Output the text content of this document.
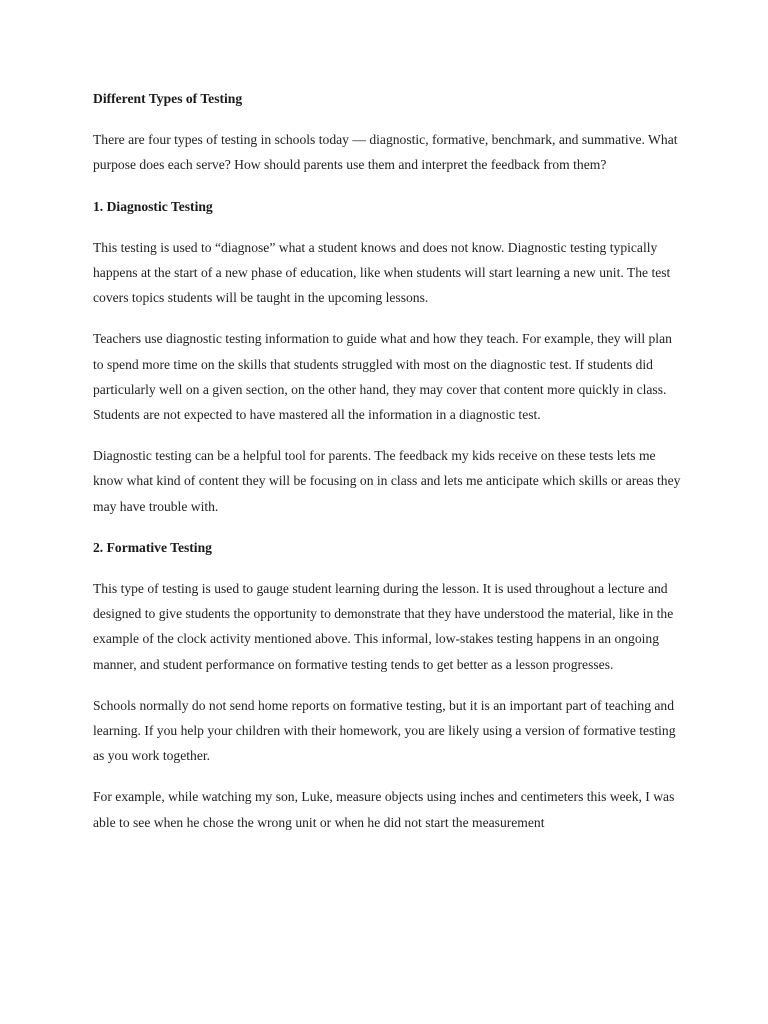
Different Types of Testing

There are four types of testing in schools today — diagnostic, formative, benchmark, and summative. What purpose does each serve? How should parents use them and interpret the feedback from them?

1. Diagnostic Testing

This testing is used to “diagnose” what a student knows and does not know. Diagnostic testing typically happens at the start of a new phase of education, like when students will start learning a new unit. The test covers topics students will be taught in the upcoming lessons.

Teachers use diagnostic testing information to guide what and how they teach. For example, they will plan to spend more time on the skills that students struggled with most on the diagnostic test. If students did particularly well on a given section, on the other hand, they may cover that content more quickly in class. Students are not expected to have mastered all the information in a diagnostic test.

Diagnostic testing can be a helpful tool for parents. The feedback my kids receive on these tests lets me know what kind of content they will be focusing on in class and lets me anticipate which skills or areas they may have trouble with.

2. Formative Testing

This type of testing is used to gauge student learning during the lesson. It is used throughout a lecture and designed to give students the opportunity to demonstrate that they have understood the material, like in the example of the clock activity mentioned above. This informal, low-stakes testing happens in an ongoing manner, and student performance on formative testing tends to get better as a lesson progresses.

Schools normally do not send home reports on formative testing, but it is an important part of teaching and learning. If you help your children with their homework, you are likely using a version of formative testing as you work together.

For example, while watching my son, Luke, measure objects using inches and centimeters this week, I was able to see when he chose the wrong unit or when he did not start the measurement
